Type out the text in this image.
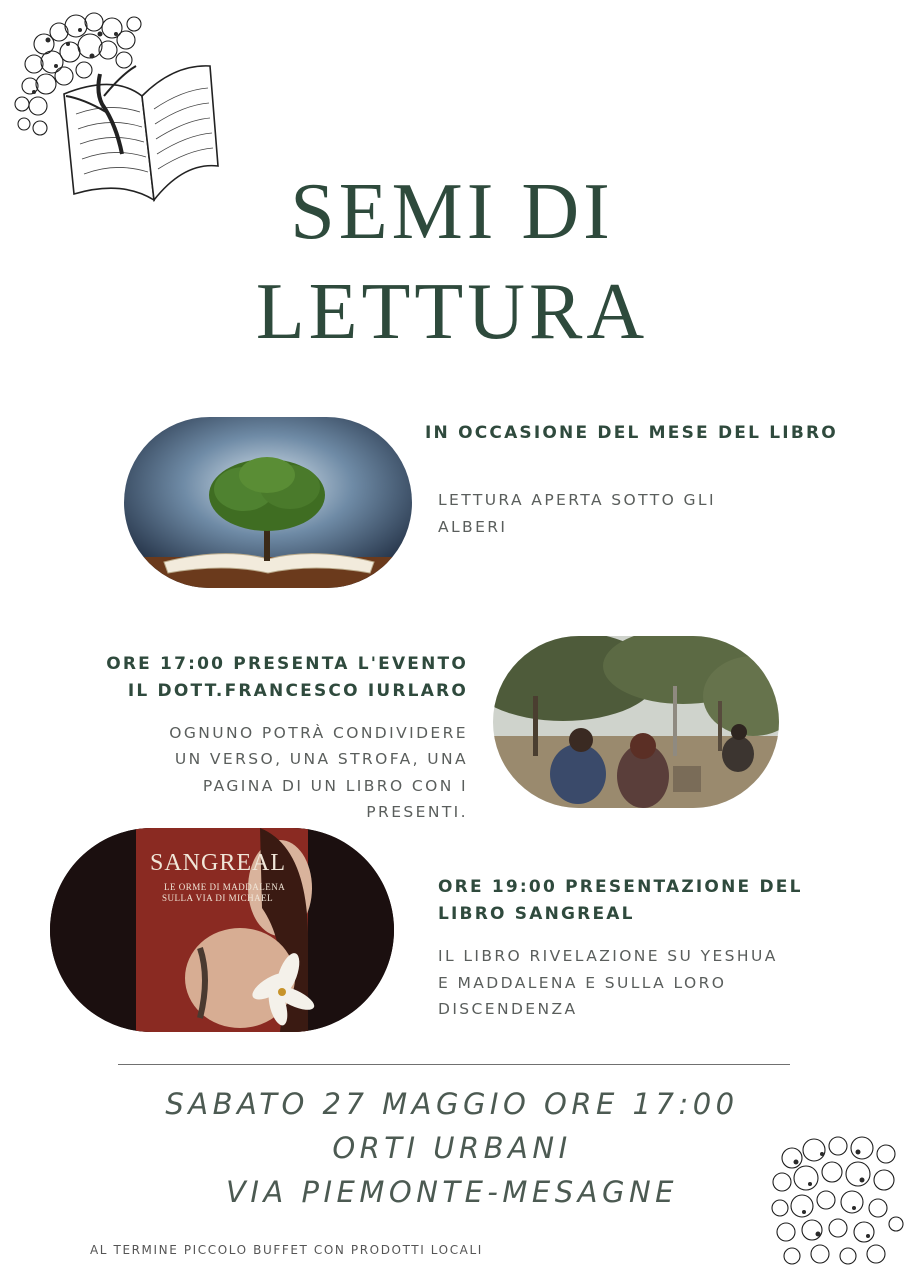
SEMI DI
LETTURA
IN OCCASIONE DEL MESE DEL LIBRO
LETTURA APERTA SOTTO GLI
ALBERI
ORE 17:00 PRESENTA L'EVENTO
IL DOTT.FRANCESCO IURLARO
OGNUNO POTRÀ CONDIVIDERE
UN VERSO, UNA STROFA, UNA
PAGINA DI UN LIBRO CON I
PRESENTI.
SANGREAL
LE ORME DI MADDALENA
SULLA VIA DI MICHAEL
ORE 19:00 PRESENTAZIONE DEL
LIBRO SANGREAL
IL LIBRO RIVELAZIONE SU YESHUA
E MADDALENA E SULLA LORO
DISCENDENZA
SABATO 27 MAGGIO ORE 17:00
ORTI URBANI
VIA PIEMONTE-MESAGNE
AL TERMINE PICCOLO BUFFET CON PRODOTTI LOCALI
